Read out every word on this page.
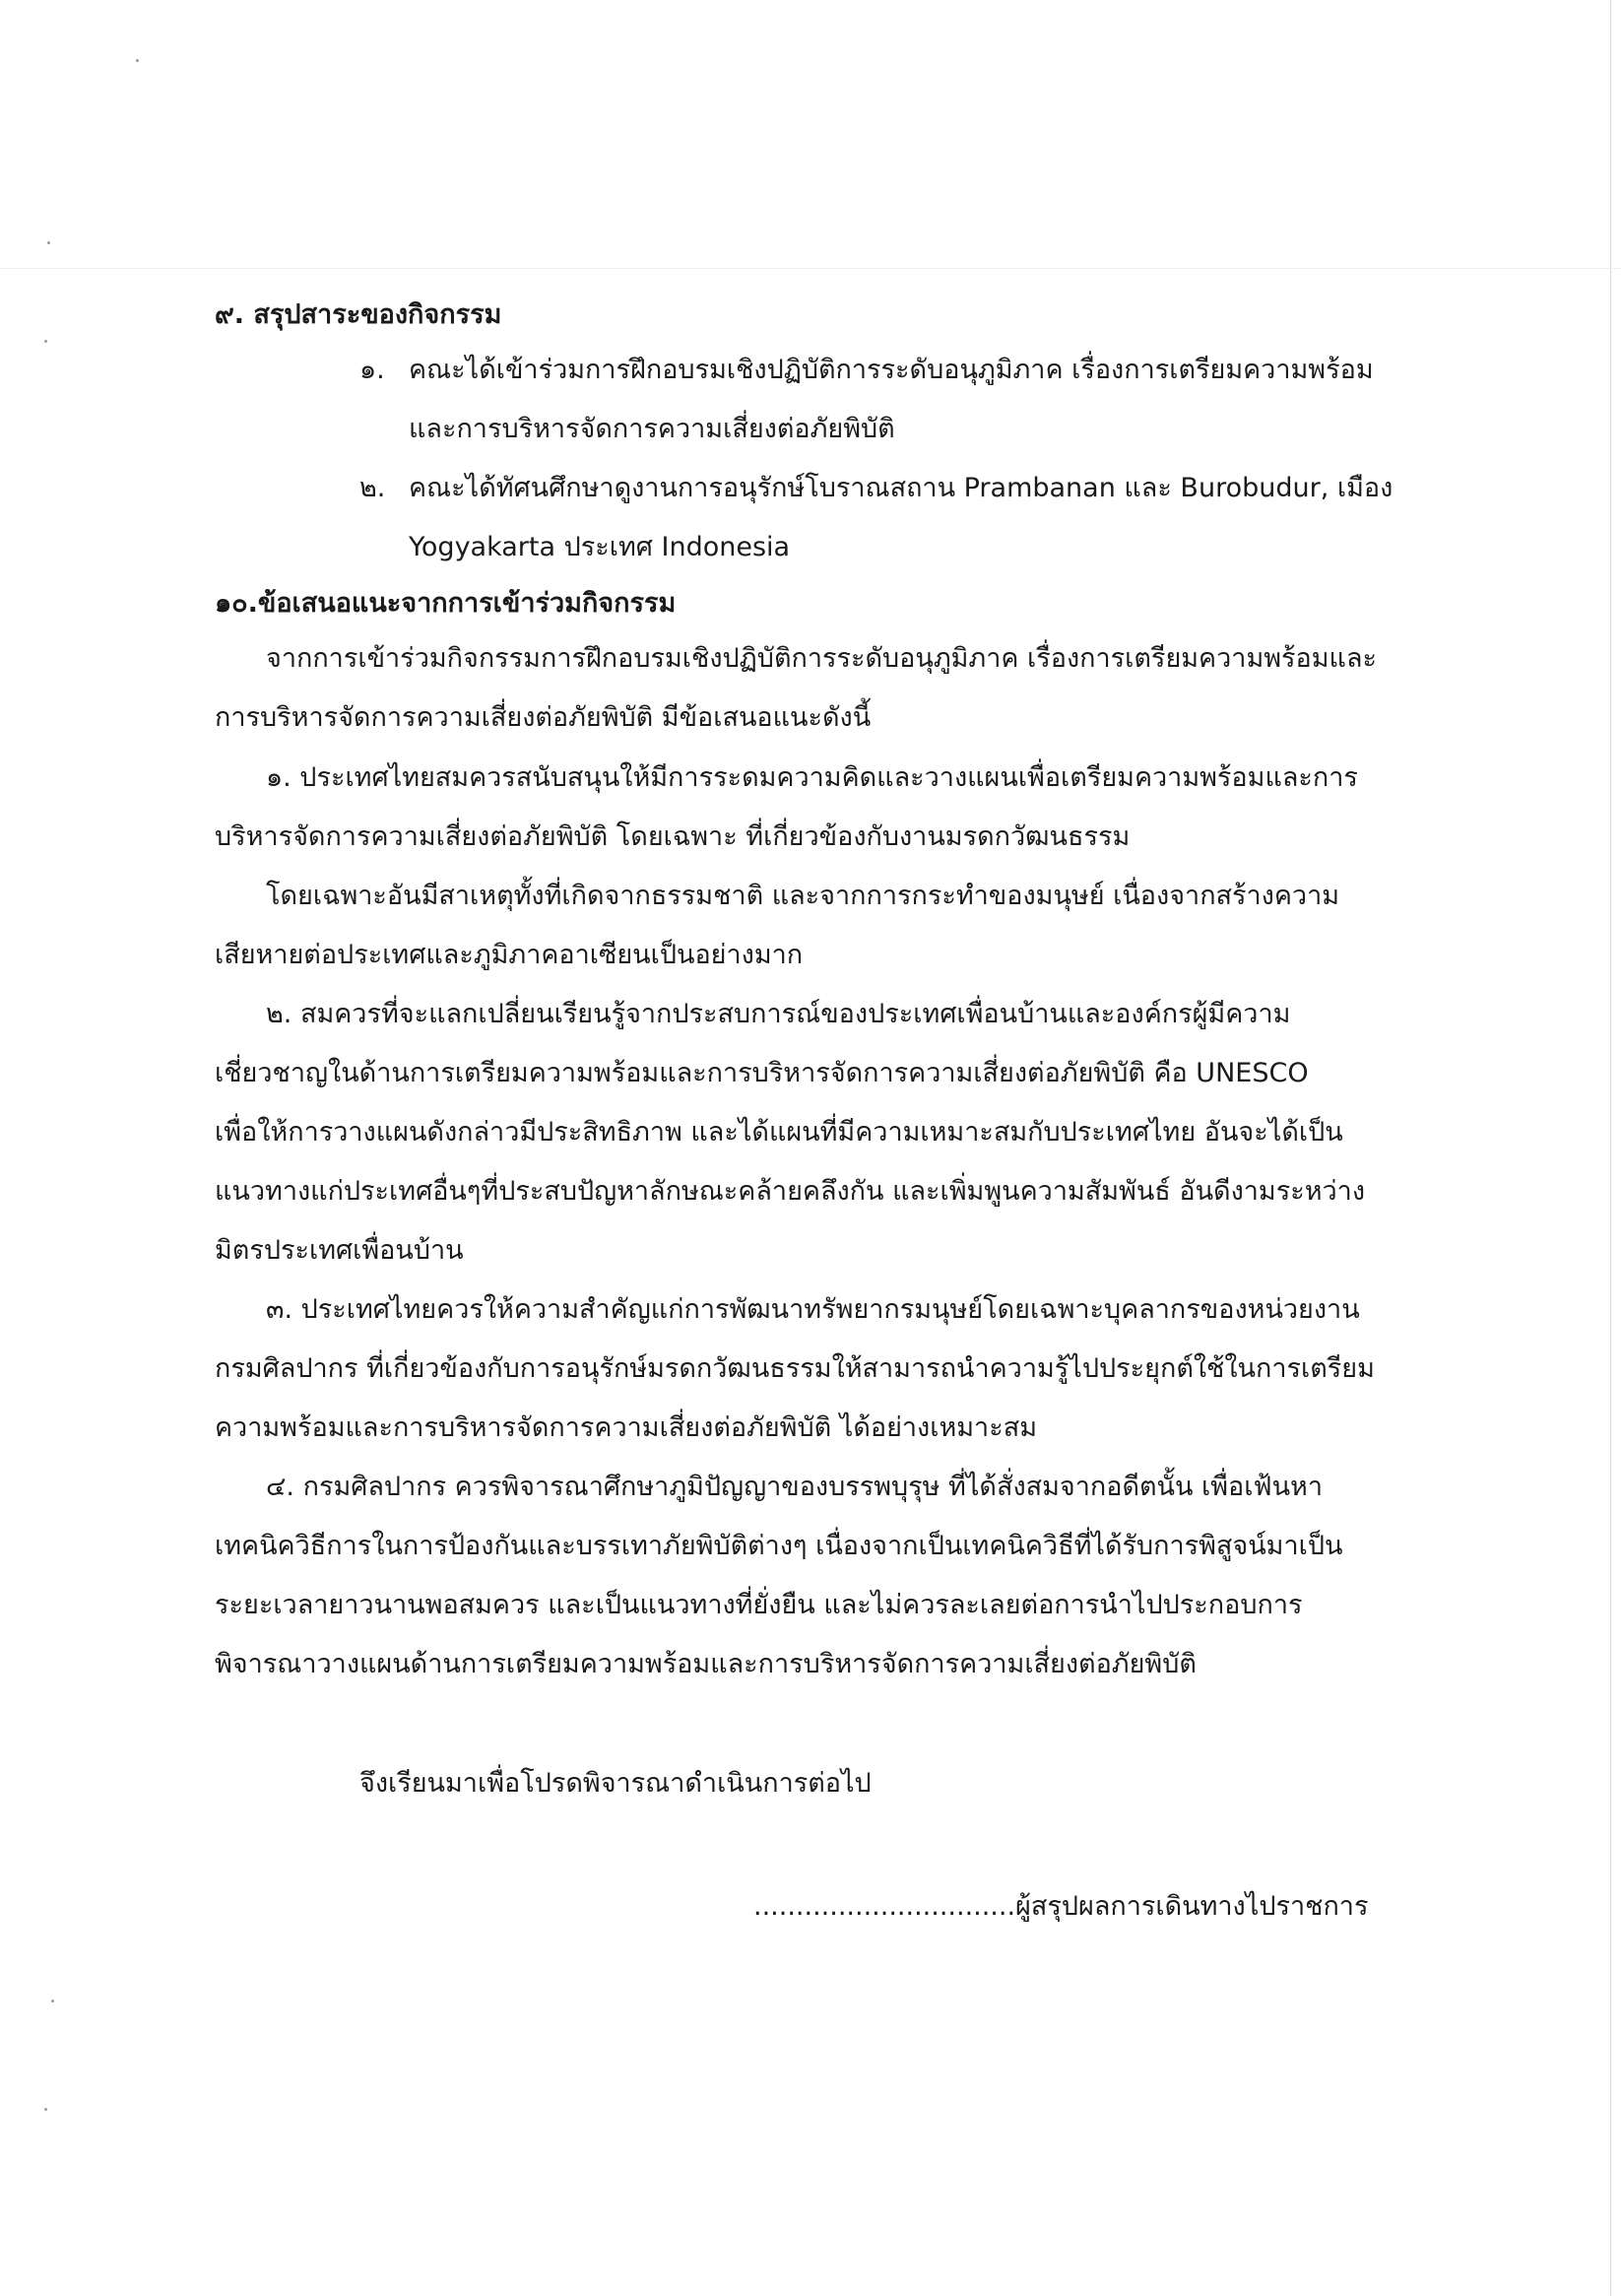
๙. สรุปสาระของกิจกรรม
๑. คณะได้เข้าร่วมการฝึกอบรมเชิงปฏิบัติการระดับอนุภูมิภาค เรื่องการเตรียมความพร้อม
และการบริหารจัดการความเสี่ยงต่อภัยพิบัติ
๒. คณะได้ทัศนศึกษาดูงานการอนุรักษ์โบราณสถาน Prambanan และ Burobudur, เมือง
Yogyakarta ประเทศ Indonesia
๑๐.ข้อเสนอแนะจากการเข้าร่วมกิจกรรม
จากการเข้าร่วมกิจกรรมการฝึกอบรมเชิงปฏิบัติการระดับอนุภูมิภาค เรื่องการเตรียมความพร้อมและ
การบริหารจัดการความเสี่ยงต่อภัยพิบัติ มีข้อเสนอแนะดังนี้
๑. ประเทศไทยสมควรสนับสนุนให้มีการระดมความคิดและวางแผนเพื่อเตรียมความพร้อมและการ
บริหารจัดการความเสี่ยงต่อภัยพิบัติ โดยเฉพาะ ที่เกี่ยวข้องกับงานมรดกวัฒนธรรม
โดยเฉพาะอันมีสาเหตุทั้งที่เกิดจากธรรมชาติ และจากการกระทำของมนุษย์ เนื่องจากสร้างความ
เสียหายต่อประเทศและภูมิภาคอาเซียนเป็นอย่างมาก
๒. สมควรที่จะแลกเปลี่ยนเรียนรู้จากประสบการณ์ของประเทศเพื่อนบ้านและองค์กรผู้มีความ
เชี่ยวชาญในด้านการเตรียมความพร้อมและการบริหารจัดการความเสี่ยงต่อภัยพิบัติ คือ UNESCO
เพื่อให้การวางแผนดังกล่าวมีประสิทธิภาพ และได้แผนที่มีความเหมาะสมกับประเทศไทย อันจะได้เป็น
แนวทางแก่ประเทศอื่นๆที่ประสบปัญหาลักษณะคล้ายคลึงกัน และเพิ่มพูนความสัมพันธ์ อันดีงามระหว่าง
มิตรประเทศเพื่อนบ้าน
๓. ประเทศไทยควรให้ความสำคัญแก่การพัฒนาทรัพยากรมนุษย์โดยเฉพาะบุคลากรของหน่วยงาน
กรมศิลปากร ที่เกี่ยวข้องกับการอนุรักษ์มรดกวัฒนธรรมให้สามารถนำความรู้ไปประยุกต์ใช้ในการเตรียม
ความพร้อมและการบริหารจัดการความเสี่ยงต่อภัยพิบัติ ได้อย่างเหมาะสม
๔. กรมศิลปากร ควรพิจารณาศึกษาภูมิปัญญาของบรรพบุรุษ ที่ได้สั่งสมจากอดีตนั้น เพื่อเฟ้นหา
เทคนิควิธีการในการป้องกันและบรรเทาภัยพิบัติต่างๆ เนื่องจากเป็นเทคนิควิธีที่ได้รับการพิสูจน์มาเป็น
ระยะเวลายาวนานพอสมควร และเป็นแนวทางที่ยั่งยืน และไม่ควรละเลยต่อการนำไปประกอบการ
พิจารณาวางแผนด้านการเตรียมความพร้อมและการบริหารจัดการความเสี่ยงต่อภัยพิบัติ
จึงเรียนมาเพื่อโปรดพิจารณาดำเนินการต่อไป
...............................ผู้สรุปผลการเดินทางไปราชการ
